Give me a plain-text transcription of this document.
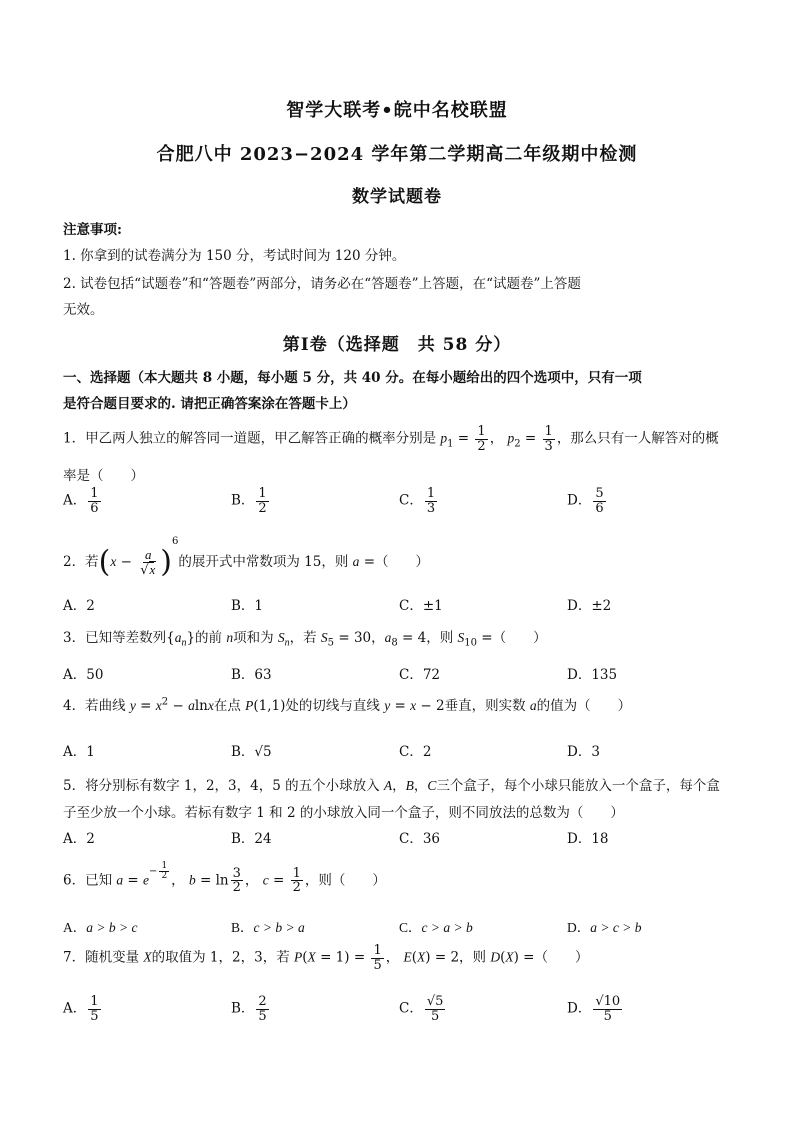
智学大联考•皖中名校联盟
合肥八中 2023−2024 学年第二学期高二年级期中检测
数学试题卷
注意事项:
1. 你拿到的试卷满分为 150 分，考试时间为 120 分钟。
2. 试卷包括“试题卷”和“答题卷”两部分，请务必在“答题卷”上答题，在“试题卷”上答题
无效。
第Ⅰ卷（选择题　共 58 分）
一、选择题（本大题共 8 小题，每小题 5 分，共 40 分。在每小题给出的四个选项中，只有一项
是符合题目要求的. 请把正确答案涂在答题卡上）
1．甲乙两人独立的解答同一道题，甲乙解答正确的概率分别是 $p_1 = \frac{1}{2}$ ， $p_2 = \frac{1}{3}$ ，那么只有一人解答对的概
率是（　　）
A． $\frac{1}{6}$	B． $\frac{1}{2}$	C． $\frac{1}{3}$	D． $\frac{5}{6}$
2．若$(x - \frac{a}{√x} )^6$的展开式中常数项为 15，则 a =（　　）
A．2	B．1	C．±1	D．±2
3．已知等差数列$\{a_n\}$的前 n项和为 $S_n$，若 $S_5 = 30$，$a_8 = 4$，则 $S_{10}$ =（　　）
A．50	B．63	C．72	D．135
4．若曲线 $y = x^2 - alnx$在点 P(1,1)处的切线与直线 y = x − 2垂直，则实数 a的值为（　　）
A．1	B．√5	C．2	D．3
5．将分别标有数字 1，2，3，4，5 的五个小球放入 A，B，C三个盒子，每个小球只能放入一个盒子，每个盒
子至少放一个小球。若标有数字 1 和 2 的小球放入同一个盒子，则不同放法的总数为（　　）
A．2	B．24	C．36	D．18
6．已知 $a = e^{- \frac{1}{2}}$ ， $b = \ln \frac{3}{2}$ ， $c = \frac{1}{2}$ ，则（　　）
A．a > b > c	B．c > b > a	C．c > a > b	D．a > c > b
7．随机变量 X的取值为 1，2，3，若 $P(X = 1) = \frac{1}{5}$ ， E(X) = 2，则 D(X) =（　　）
A． $\frac{1}{5}$	B． $\frac{2}{5}$	C． $\frac{√5}{5}$	D． $\frac{√10}{5}$
